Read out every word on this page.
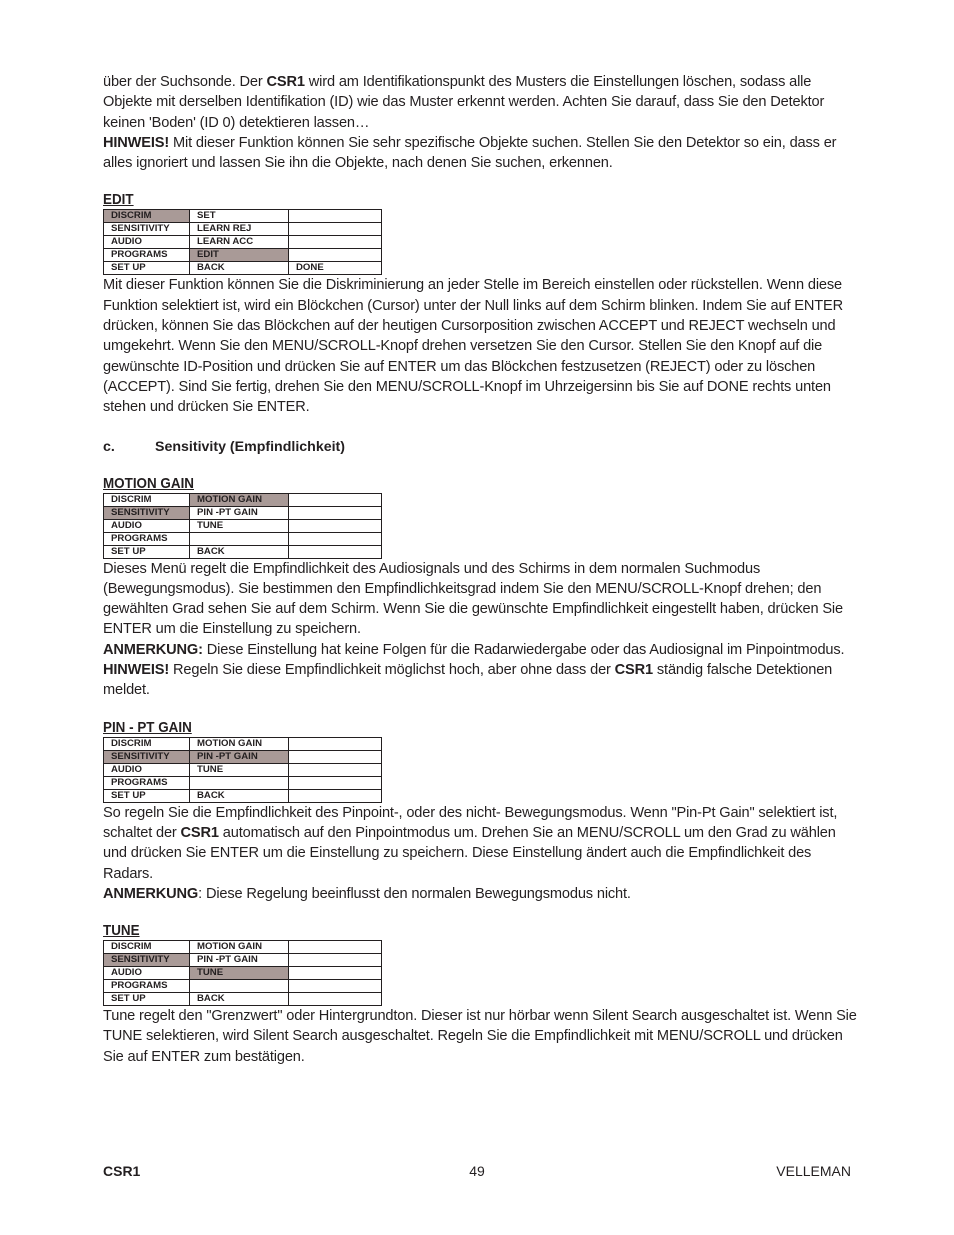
über der Suchsonde. Der CSR1 wird am Identifikationspunkt des Musters die Einstellungen löschen, sodass alle Objekte mit derselben Identifikation (ID) wie das Muster erkennt werden. Achten Sie darauf, dass Sie den Detektor keinen 'Boden' (ID 0) detektieren lassen…

HINWEIS! Mit dieser Funktion können Sie sehr spezifische Objekte suchen. Stellen Sie den Detektor so ein, dass er alles ignoriert und lassen Sie ihn die Objekte, nach denen Sie suchen, erkennen.

EDIT
DISCRIM	SET	
SENSITIVITY	LEARN REJ	
AUDIO	LEARN ACC	
PROGRAMS	EDIT	
SET UP	BACK	DONE

Mit dieser Funktion können Sie die Diskriminierung an jeder Stelle im Bereich einstellen oder rückstellen. Wenn diese Funktion selektiert ist, wird ein Blöckchen (Cursor) unter der Null links auf dem Schirm blinken. Indem Sie auf ENTER drücken, können Sie das Blöckchen auf der heutigen Cursorposition zwischen ACCEPT und REJECT wechseln und umgekehrt. Wenn Sie den MENU/SCROLL-Knopf drehen versetzen Sie den Cursor. Stellen Sie den Knopf auf die gewünschte ID-Position und drücken Sie auf ENTER um das Blöckchen festzusetzen (REJECT) oder zu löschen (ACCEPT). Sind Sie fertig, drehen Sie den MENU/SCROLL-Knopf im Uhrzeigersinn bis Sie auf DONE rechts unten stehen und drücken Sie ENTER.

c.	Sensitivity (Empfindlichkeit)
MOTION GAIN
DISCRIM	MOTION GAIN	
SENSITIVITY	PIN -PT GAIN	
AUDIO	TUNE	
PROGRAMS		
SET UP	BACK	

Dieses Menü regelt die Empfindlichkeit des Audiosignals und des Schirms in dem normalen Suchmodus (Bewegungsmodus). Sie bestimmen den Empfindlichkeitsgrad indem Sie den MENU/SCROLL-Knopf drehen; den gewählten Grad sehen Sie auf dem Schirm. Wenn Sie die gewünschte Empfindlichkeit eingestellt haben, drücken Sie ENTER um die Einstellung zu speichern.

ANMERKUNG: Diese Einstellung hat keine Folgen für die Radarwiedergabe oder das Audiosignal im Pinpointmodus.

HINWEIS! Regeln Sie diese Empfindlichkeit möglichst hoch, aber ohne dass der CSR1 ständig falsche Detektionen meldet.

PIN - PT GAIN
DISCRIM	MOTION GAIN	
SENSITIVITY	PIN -PT GAIN	
AUDIO	TUNE	
PROGRAMS		
SET UP	BACK	

So regeln Sie die Empfindlichkeit des Pinpoint-, oder des nicht- Bewegungsmodus. Wenn "Pin-Pt Gain" selektiert ist, schaltet der CSR1 automatisch auf den Pinpointmodus um. Drehen Sie an MENU/SCROLL um den Grad zu wählen und drücken Sie ENTER um die Einstellung zu speichern. Diese Einstellung ändert auch die Empfindlichkeit des Radars.

ANMERKUNG: Diese Regelung beeinflusst den normalen Bewegungsmodus nicht.

TUNE
DISCRIM	MOTION GAIN	
SENSITIVITY	PIN -PT GAIN	
AUDIO	TUNE	
PROGRAMS		
SET UP	BACK	

Tune regelt den "Grenzwert" oder Hintergrundton. Dieser ist nur hörbar wenn Silent Search ausgeschaltet ist. Wenn Sie TUNE selektieren, wird Silent Search ausgeschaltet. Regeln Sie die Empfindlichkeit mit MENU/SCROLL und drücken Sie auf ENTER zum bestätigen.

CSR1	49	VELLEMAN
